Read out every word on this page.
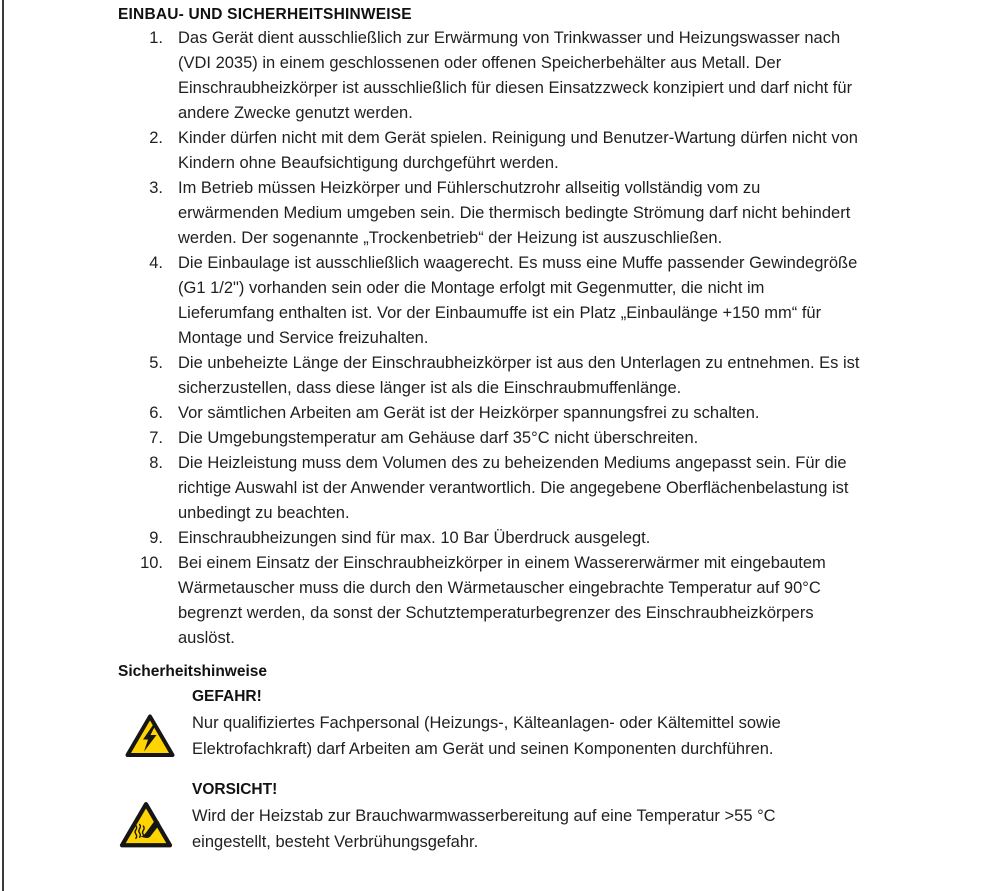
EINBAU- UND SICHERHEITSHINWEISE
1. Das Gerät dient ausschließlich zur Erwärmung von Trinkwasser und Heizungswasser nach (VDI 2035) in einem geschlossenen oder offenen Speicherbehälter aus Metall. Der Einschraubheizkörper ist ausschließlich für diesen Einsatzzweck konzipiert und darf nicht für andere Zwecke genutzt werden.
2. Kinder dürfen nicht mit dem Gerät spielen. Reinigung und Benutzer-Wartung dürfen nicht von Kindern ohne Beaufsichtigung durchgeführt werden.
3. Im Betrieb müssen Heizkörper und Fühlerschutzrohr allseitig vollständig vom zu erwärmenden Medium umgeben sein. Die thermisch bedingte Strömung darf nicht behindert werden. Der sogenannte „Trockenbetrieb“ der Heizung ist auszuschließen.
4. Die Einbaulage ist ausschließlich waagerecht. Es muss eine Muffe passender Gewindegröße (G1 1/2") vorhanden sein oder die Montage erfolgt mit Gegenmutter, die nicht im Lieferumfang enthalten ist. Vor der Einbaumuffe ist ein Platz „Einbaulänge +150 mm“ für Montage und Service freizuhalten.
5. Die unbeheizte Länge der Einschraubheizkörper ist aus den Unterlagen zu entnehmen. Es ist sicherzustellen, dass diese länger ist als die Einschraubmuffenlänge.
6. Vor sämtlichen Arbeiten am Gerät ist der Heizkörper spannungsfrei zu schalten.
7. Die Umgebungstemperatur am Gehäuse darf 35°C nicht überschreiten.
8. Die Heizleistung muss dem Volumen des zu beheizenden Mediums angepasst sein. Für die richtige Auswahl ist der Anwender verantwortlich. Die angegebene Oberflächenbelastung ist unbedingt zu beachten.
9. Einschraubheizungen sind für max. 10 Bar Überdruck ausgelegt.
10. Bei einem Einsatz der Einschraubheizkörper in einem Wassererwärmer mit eingebautem Wärmetauscher muss die durch den Wärmetauscher eingebrachte Temperatur auf 90°C begrenzt werden, da sonst der Schutztemperaturbegrenzer des Einschraubheizkörpers auslöst.
Sicherheitshinweise
GEFAHR!

Nur qualifiziertes Fachpersonal (Heizungs-, Kälteanlagen- oder Kältemittel sowie Elektrofachkraft) darf Arbeiten am Gerät und seinen Komponenten durchführen.

VORSICHT!

Wird der Heizstab zur Brauchwarmwasserbereitung auf eine Temperatur >55 °C eingestellt, besteht Verbrühungsgefahr.
